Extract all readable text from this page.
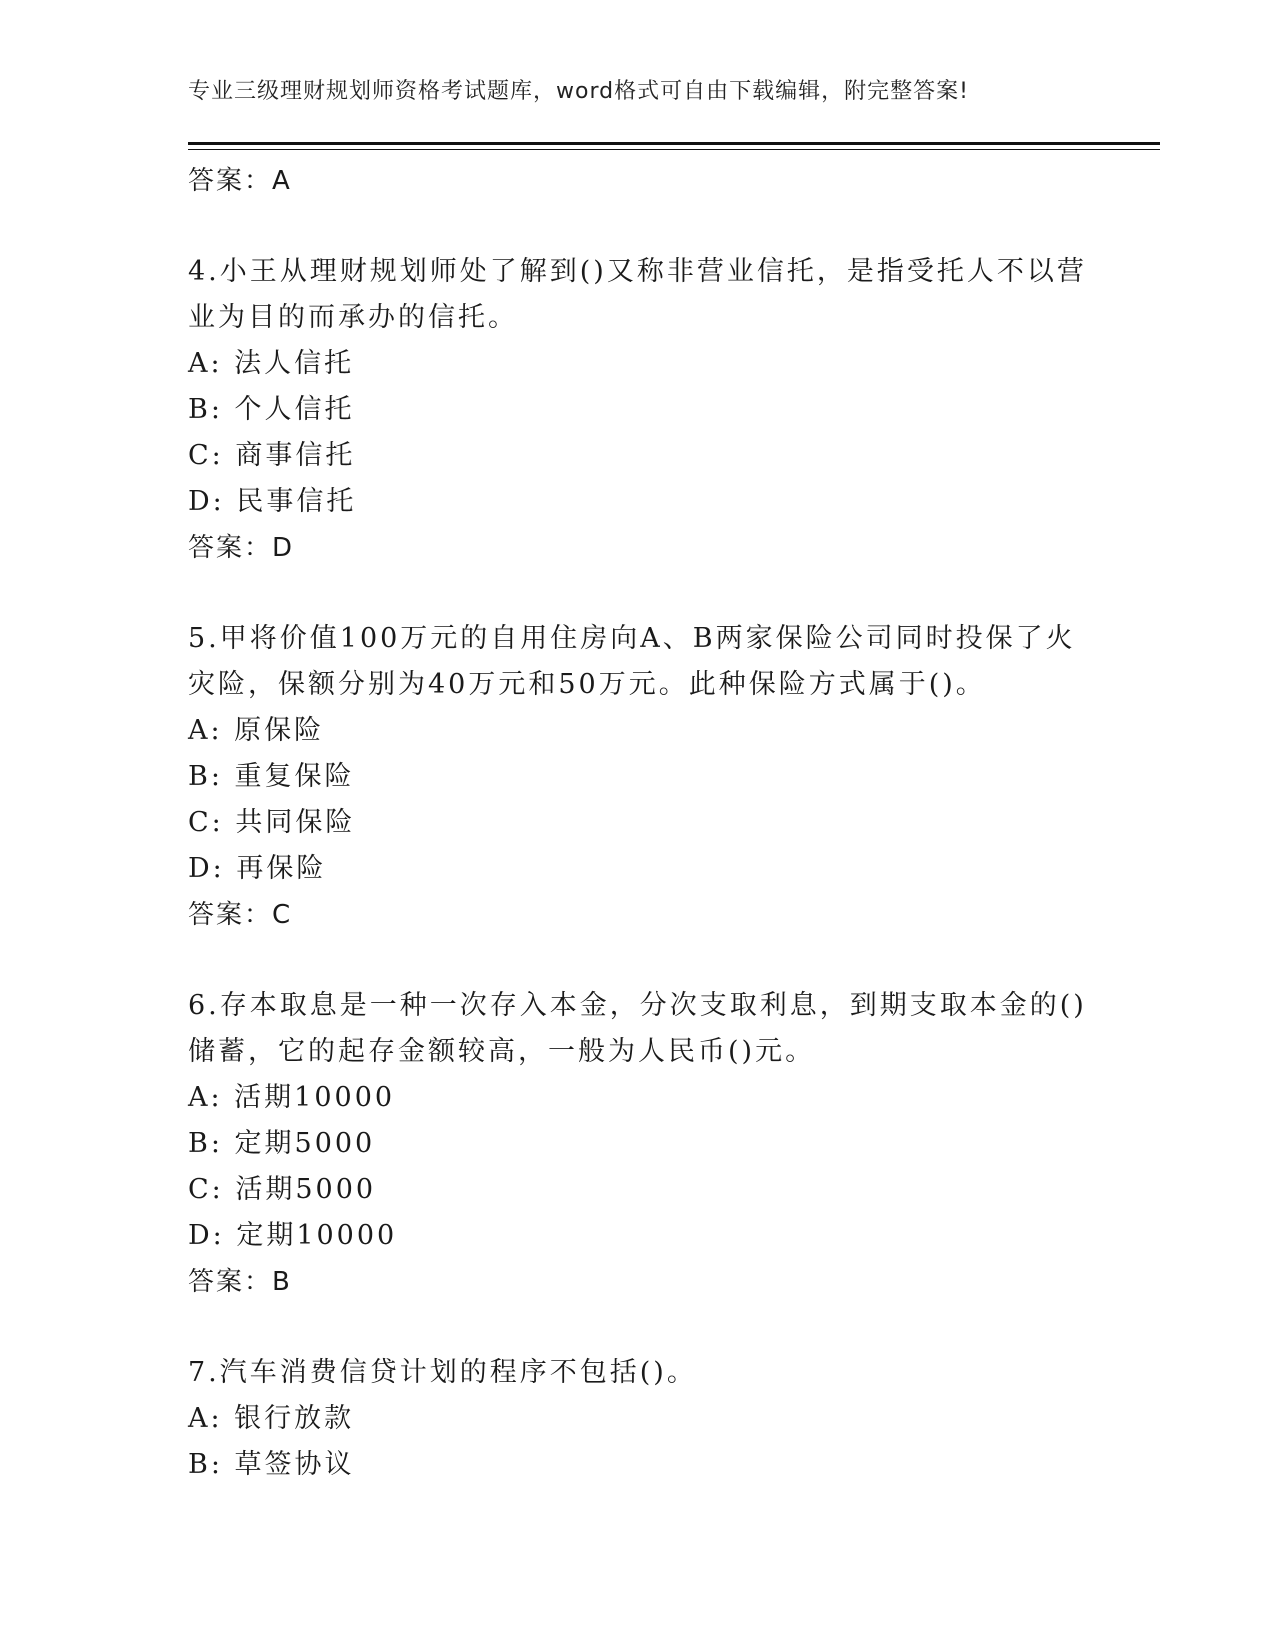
专业三级理财规划师资格考试题库，word格式可自由下载编辑，附完整答案!
答案：A
4.小王从理财规划师处了解到()又称非营业信托，是指受托人不以营业为目的而承办的信托。
A: 法人信托
B: 个人信托
C: 商事信托
D: 民事信托
答案：D
5.甲将价值100万元的自用住房向A、B两家保险公司同时投保了火灾险，保额分别为40万元和50万元。此种保险方式属于()。
A: 原保险
B: 重复保险
C: 共同保险
D: 再保险
答案：C
6.存本取息是一种一次存入本金，分次支取利息，到期支取本金的()储蓄，它的起存金额较高，一般为人民币()元。
A: 活期10000
B: 定期5000
C: 活期5000
D: 定期10000
答案：B
7.汽车消费信贷计划的程序不包括()。
A: 银行放款
B: 草签协议
